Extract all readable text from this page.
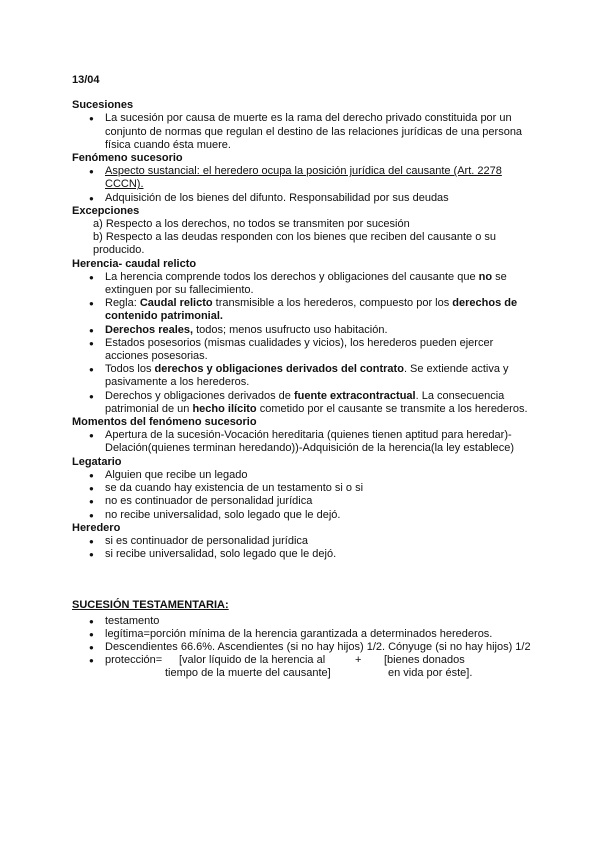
13/04
Sucesiones
● La sucesión por causa de muerte es la rama del derecho privado constituida por un conjunto de normas que regulan el destino de las relaciones jurídicas de una persona física cuando ésta muere.
Fenómeno sucesorio
● Aspecto sustancial: el heredero ocupa la posición jurídica del causante (Art. 2278 CCCN).
● Adquisición de los bienes del difunto. Responsabilidad por sus deudas
Excepciones

a) Respecto a los derechos, no todos se transmiten por sucesión

b) Respecto a las deudas responden con los bienes que reciben del causante o su

producido.
Herencia- caudal relicto
● La herencia comprende todos los derechos y obligaciones del causante que no se extinguen por su fallecimiento.
● Regla: Caudal relicto transmisible a los herederos, compuesto por los derechos de contenido patrimonial.
● Derechos reales, todos; menos usufructo uso habitación.
● Estados posesorios (mismas cualidades y vicios), los herederos pueden ejercer acciones posesorias.
● Todos los derechos y obligaciones derivados del contrato. Se extiende activa y pasivamente a los herederos.
● Derechos y obligaciones derivados de fuente extracontractual. La consecuencia patrimonial de un hecho ilícito cometido por el causante se transmite a los herederos.
Momentos del fenómeno sucesorio
● Apertura de la sucesión-Vocación hereditaria (quienes tienen aptitud para heredar)-Delación(quienes terminan heredando))-Adquisición de la herencia(la ley establece)
Legatario
● Alguien que recibe un legado
● se da cuando hay existencia de un testamento si o si
● no es continuador de personalidad jurídica
● no recibe universalidad, solo legado que le dejó.
Heredero
● si es continuador de personalidad jurídica
● si recibe universalidad, solo legado que le dejó.
SUCESIÓN TESTAMENTARIA:
● testamento
● legítima=porción mínima de la herencia garantizada a determinados herederos.
● Descendientes 66.6%. Ascendientes (si no hay hijos) 1/2. Cónyuge (si no hay hijos) 1/2
● protección=	[valor líquido de la herencia al
tiempo de la muerte del causante]
+	[bienes donados
en vida por éste].
